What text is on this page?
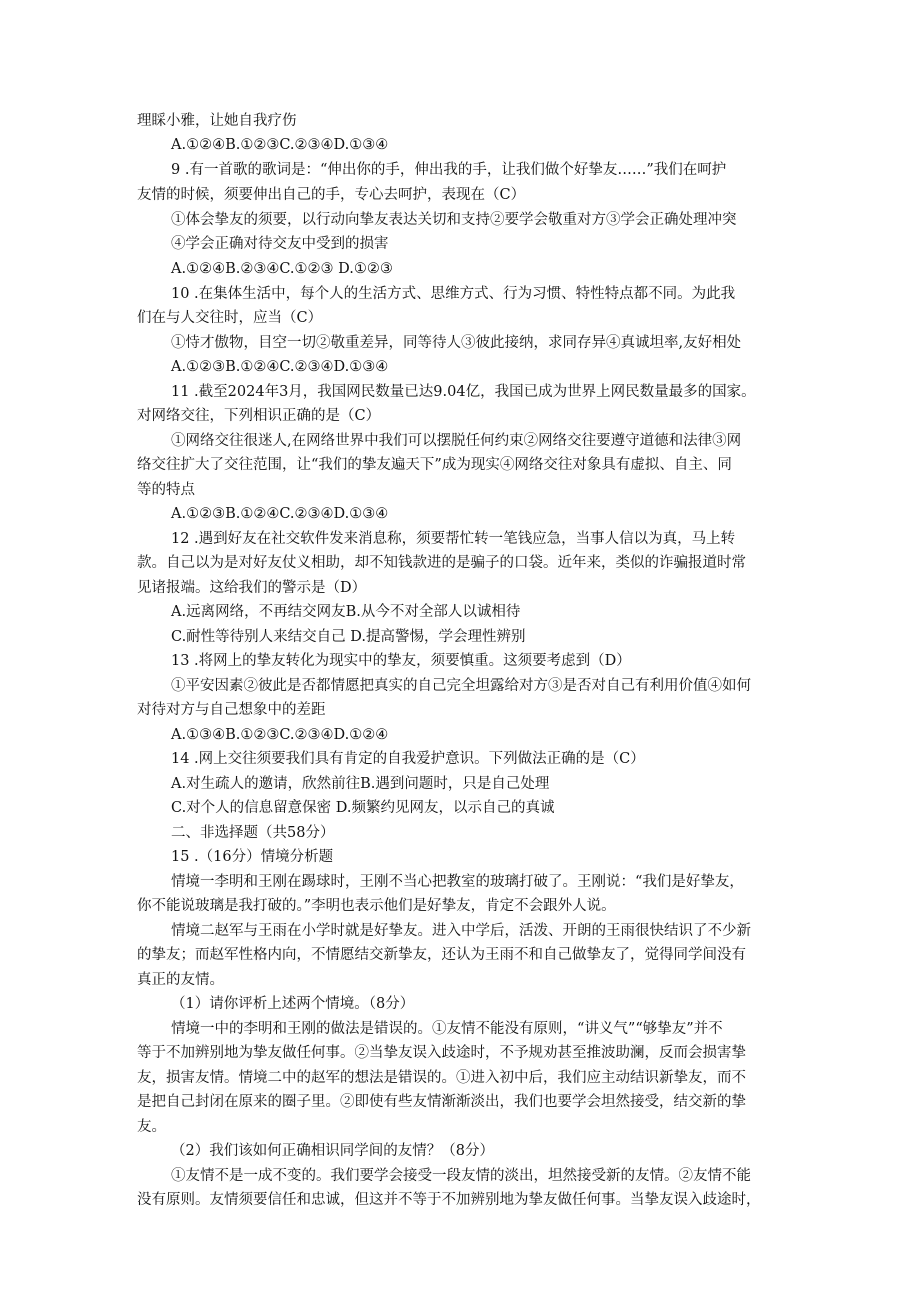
理睬小雅，让她自我疗伤
A.①②④B.①②③C.②③④D.①③④
9 .有一首歌的歌词是：“伸出你的手，伸出我的手，让我们做个好挚友……”我们在呵护
友情的时候，须要伸出自己的手，专心去呵护，表现在（C）
①体会挚友的须要，以行动向挚友表达关切和支持②要学会敬重对方③学会正确处理冲突
④学会正确对待交友中受到的损害
A.①②④B.②③④C.①②③ D.①②③
10 .在集体生活中，每个人的生活方式、思维方式、行为习惯、特性特点都不同。为此我
们在与人交往时，应当（C）
①恃才傲物，目空一切②敬重差异，同等待人③彼此接纳，求同存异④真诚坦率,友好相处
A.①②③B.①②④C.②③④D.①③④
11 .截至2024年3月，我国网民数量已达9.04亿，我国已成为世界上网民数量最多的国家。
对网络交往，下列相识正确的是（C）
①网络交往很迷人,在网络世界中我们可以摆脱任何约束②网络交往要遵守道德和法律③网
络交往扩大了交往范围，让“我们的挚友遍天下”成为现实④网络交往对象具有虚拟、自主、同
等的特点
A.①②③B.①②④C.②③④D.①③④
12 .遇到好友在社交软件发来消息称，须要帮忙转一笔钱应急，当事人信以为真，马上转
款。自己以为是对好友仗义相助，却不知钱款进的是骗子的口袋。近年来，类似的诈骗报道时常
见诸报端。这给我们的警示是（D）
A.远离网络，不再结交网友B.从今不对全部人以诚相待
C.耐性等待别人来结交自己 D.提高警惕，学会理性辨别
13 .将网上的挚友转化为现实中的挚友，须要慎重。这须要考虑到（D）
①平安因素②彼此是否都情愿把真实的自己完全坦露给对方③是否对自己有利用价值④如何
对待对方与自己想象中的差距
A.①③④B.①②③C.②③④D.①②④
14 .网上交往须要我们具有肯定的自我爱护意识。下列做法正确的是（C）
A.对生疏人的邀请，欣然前往B.遇到问题时，只是自己处理
C.对个人的信息留意保密 D.频繁约见网友，以示自己的真诚
二、非选择题（共58分）
15 .（16分）情境分析题
情境一李明和王刚在踢球时，王刚不当心把教室的玻璃打破了。王刚说：“我们是好挚友，
你不能说玻璃是我打破的。”李明也表示他们是好挚友，肯定不会跟外人说。
情境二赵军与王雨在小学时就是好挚友。进入中学后，活泼、开朗的王雨很快结识了不少新
的挚友；而赵军性格内向，不情愿结交新挚友，还认为王雨不和自己做挚友了，觉得同学间没有
真正的友情。
（1）请你评析上述两个情境。（8分）
情境一中的李明和王刚的做法是错误的。①友情不能没有原则，“讲义气”“够挚友”并不
等于不加辨别地为挚友做任何事。②当挚友误入歧途时，不予规劝甚至推波助澜，反而会损害挚
友，损害友情。情境二中的赵军的想法是错误的。①进入初中后，我们应主动结识新挚友，而不
是把自己封闭在原来的圈子里。②即使有些友情渐渐淡出，我们也要学会坦然接受，结交新的挚
友。
（2）我们该如何正确相识同学间的友情？（8分）
①友情不是一成不变的。我们要学会接受一段友情的淡出，坦然接受新的友情。②友情不能
没有原则。友情须要信任和忠诚，但这并不等于不加辨别地为挚友做任何事。当挚友误入歧途时，
